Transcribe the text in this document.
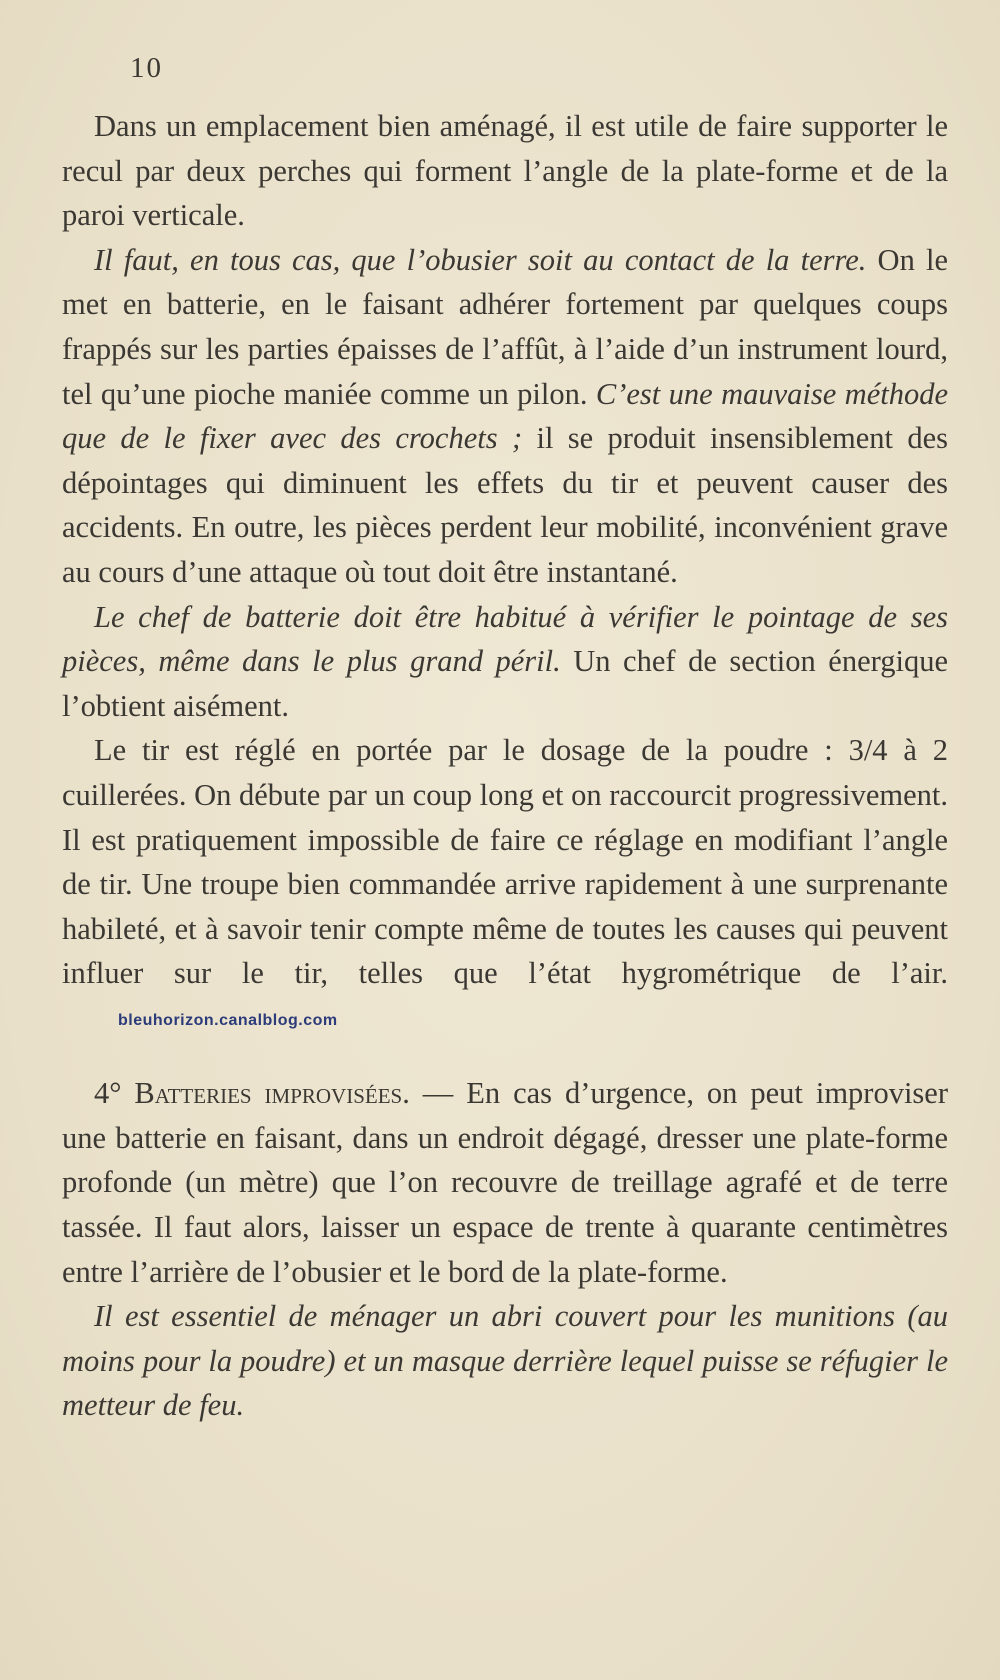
10

Dans un emplacement bien aménagé, il est utile de faire supporter le recul par deux perches qui forment l’angle de la plate-forme et de la paroi verticale.

Il faut, en tous cas, que l’obusier soit au contact de la terre. On le met en batterie, en le faisant adhérer fortement par quelques coups frappés sur les parties épaisses de l’affût, à l’aide d’un instrument lourd, tel qu’une pioche maniée comme un pilon. C’est une mauvaise méthode que de le fixer avec des crochets ; il se produit insensiblement des dépointages qui diminuent les effets du tir et peuvent causer des accidents. En outre, les pièces perdent leur mobilité, inconvénient grave au cours d’une attaque où tout doit être instantané.

Le chef de batterie doit être habitué à vérifier le pointage de ses pièces, même dans le plus grand péril. Un chef de section énergique l’obtient aisément.

Le tir est réglé en portée par le dosage de la poudre : 3/4 à 2 cuillerées. On débute par un coup long et on raccourcit progressivement. Il est pratiquement impossible de faire ce réglage en modifiant l’angle de tir. Une troupe bien commandée arrive rapidement à une surprenante habileté, et à savoir tenir compte même de toutes les causes qui peuvent influer sur le tir, telles que l’état hygrométrique de l’air.bleuhorizon.canalblog.com

4° Batteries improvisées. — En cas d’urgence, on peut improviser une batterie en faisant, dans un endroit dégagé, dresser une plate-forme profonde (un mètre) que l’on recouvre de treillage agrafé et de terre tassée. Il faut alors, laisser un espace de trente à quarante centimètres entre l’arrière de l’obusier et le bord de la plate-forme.

Il est essentiel de ménager un abri couvert pour les munitions (au moins pour la poudre) et un masque derrière lequel puisse se réfugier le metteur de feu.
